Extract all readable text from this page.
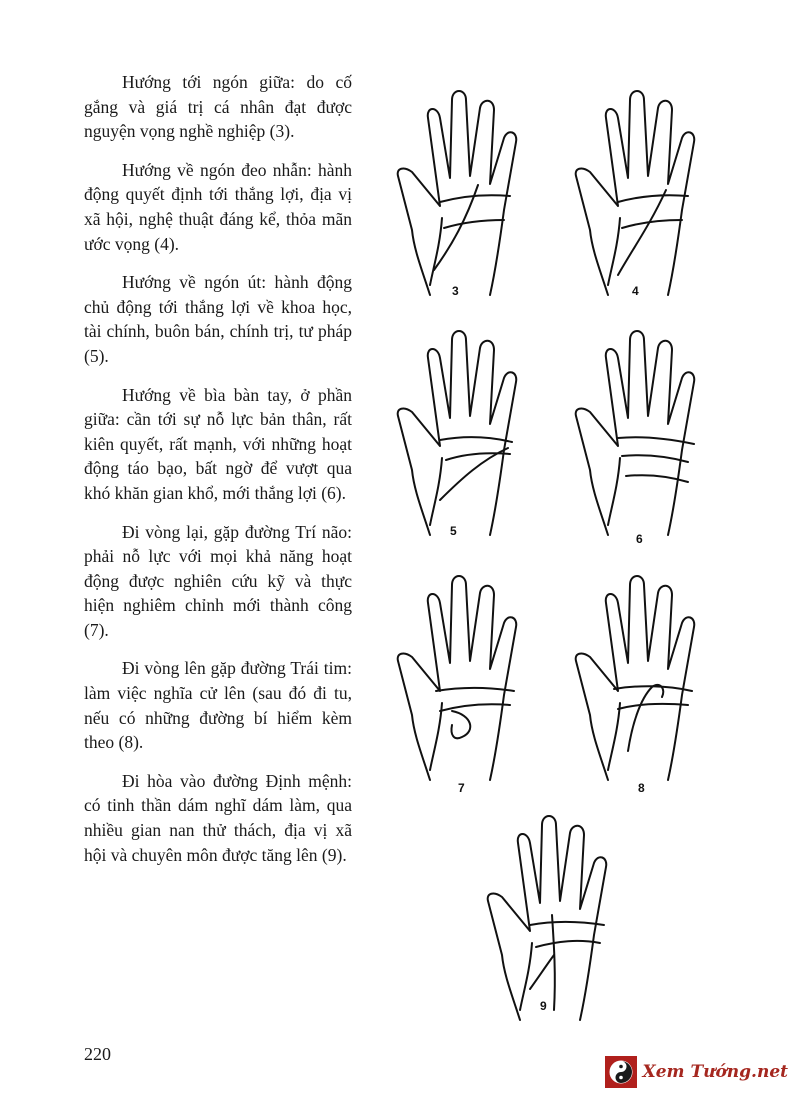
Hướng tới ngón giữa: do cố gắng và giá trị cá nhân đạt được nguyện vọng nghề nghiệp (3).

Hướng về ngón đeo nhẫn: hành động quyết định tới thắng lợi, địa vị xã hội, nghệ thuật đáng kể, thỏa mãn ước vọng (4).

Hướng về ngón út: hành động chủ động tới thắng lợi về khoa học, tài chính, buôn bán, chính trị, tư pháp (5).

Hướng về bìa bàn tay, ở phần giữa: cần tới sự nỗ lực bản thân, rất kiên quyết, rất mạnh, với những hoạt động táo bạo, bất ngờ để vượt qua khó khăn gian khổ, mới thắng lợi (6).

Đi vòng lại, gặp đường Trí não: phải nỗ lực với mọi khả năng hoạt động được nghiên cứu kỹ và thực hiện nghiêm chỉnh mới thành công (7).

Đi vòng lên gặp đường Trái tim: làm việc nghĩa cử lên (sau đó đi tu, nếu có những đường bí hiểm kèm theo (8).

Đi hòa vào đường Định mệnh: có tinh thần dám nghĩ dám làm, qua nhiều gian nan thử thách, địa vị xã hội và chuyên môn được tăng lên (9).

3	4
5
6
7	8
9
220
Xem Tướng.net
